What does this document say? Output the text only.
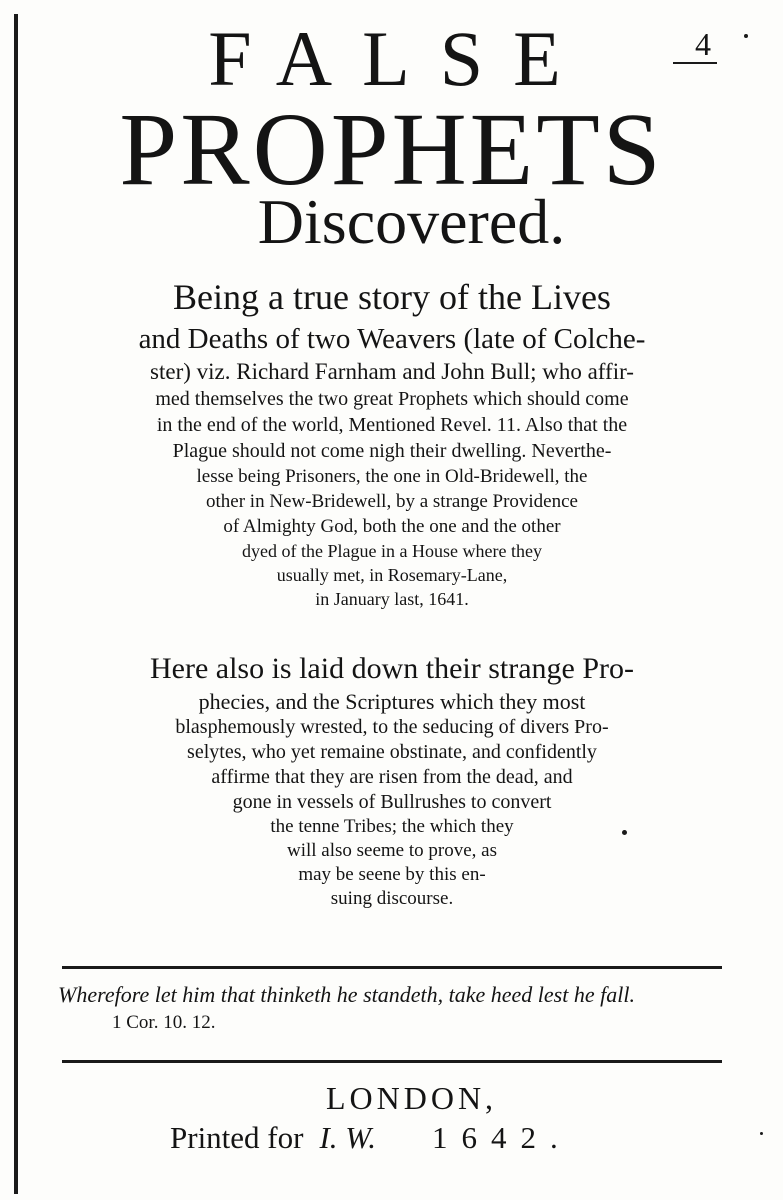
4
FALSE
PROPHETS
Discovered.
Being a true story of the Lives
and Deaths of two Weavers (late of Colche-
ster) viz. Richard Farnham and John Bull; who affir-
med themselves the two great Prophets which should come
in the end of the world, Mentioned Revel. 11. Also that the
Plague should not come nigh their dwelling. Neverthe-
lesse being Prisoners, the one in Old-Bridewell, the
other in New-Bridewell, by a strange Providence
of Almighty God, both the one and the other
dyed of the Plague in a House where they
usually met, in Rosemary-Lane,
in January last, 1641.
Here also is laid down their strange Pro-
phecies, and the Scriptures which they most
blasphemously wrested, to the seducing of divers Pro-
selytes, who yet remaine obstinate, and confidently
affirme that they are risen from the dead, and
gone in vessels of Bullrushes to convert
the tenne Tribes; the which they
will also seeme to prove, as
may be seene by this en-
suing discourse.
Wherefore let him that thinketh he standeth, take heed lest he fall.
1 Cor. 10. 12.
LONDON,
Printed for I. W. 1642.
